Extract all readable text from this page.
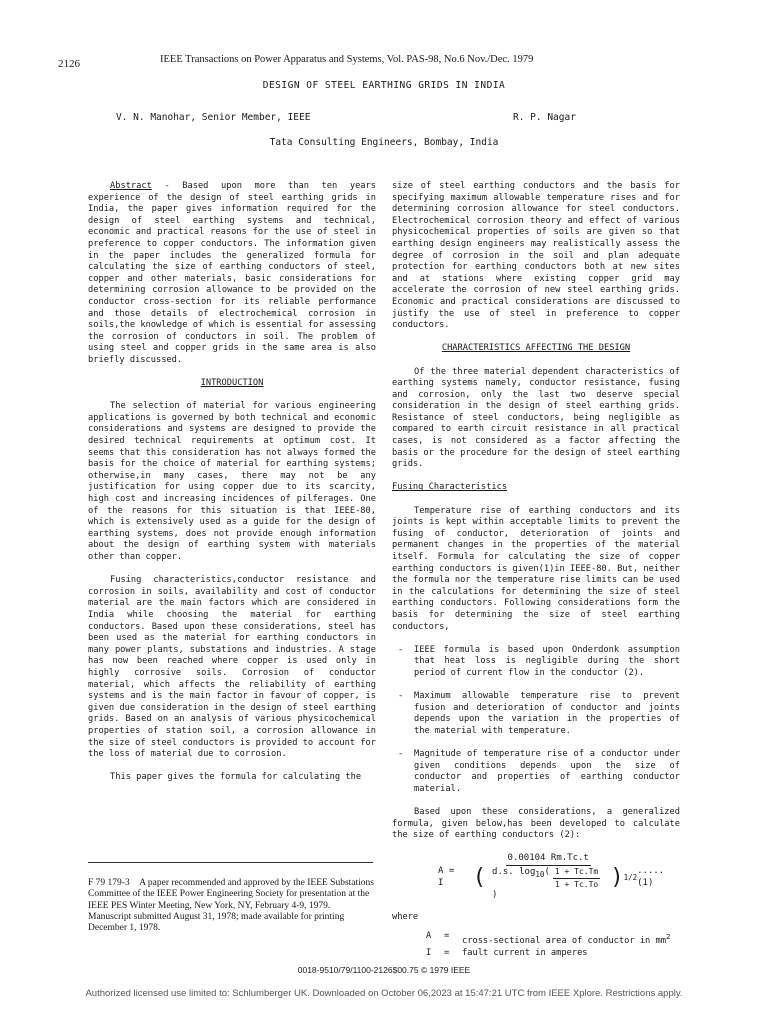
2126	IEEE Transactions on Power Apparatus and Systems, Vol. PAS-98, No.6 Nov./Dec. 1979
DESIGN OF STEEL EARTHING GRIDS IN INDIA
V. N. Manohar, Senior Member, IEEE	R. P. Nagar
Tata Consulting Engineers, Bombay, India

Abstract - Based upon more than ten years experience of the design of steel earthing grids in India, the paper gives information required for the design of steel earthing systems and technical, economic and practical reasons for the use of steel in preference to copper conductors. The information given in the paper includes the generalized formula for calculating the size of earthing conductors of steel, copper and other materials, basic considerations for determining corrosion allowance to be provided on the conductor cross-section for its reliable performance and those details of electrochemical corrosion in soils,the knowledge of which is essential for assessing the corrosion of conductors in soil. The problem of using steel and copper grids in the same area is also briefly discussed.

INTRODUCTION

The selection of material for various engineering applications is governed by both technical and economic considerations and systems are designed to provide the desired technical requirements at optimum cost. It seems that this consideration has not always formed the basis for the choice of material for earthing systems; otherwise,in many cases, there may not be any justification for using copper due to its scarcity, high cost and increasing incidences of pilferages. One of the reasons for this situation is that IEEE-80, which is extensively used as a guide for the design of earthing systems, does not provide enough information about the design of earthing system with materials other than copper.

Fusing characteristics,conductor resistance and corrosion in soils, availability and cost of conductor material are the main factors which are considered in India while choosing the material for earthing conductors. Based upon these considerations, steel has been used as the material for earthing conductors in many power plants, substations and industries. A stage has now been reached where copper is used only in highly corrosive soils. Corrosion of conductor material, which affects the reliability of earthing systems and is the main factor in favour of copper, is given due consideration in the design of steel earthing grids. Based on an analysis of various physicochemical properties of station soil, a corrosion allowance in the size of steel conductors is provided to account for the loss of material due to corrosion.

This paper gives the formula for calculating the

size of steel earthing conductors and the basis for specifying maximum allowable temperature rises and for determining corrosion allowance for steel conductors. Electrochemical corrosion theory and effect of various physicochemical properties of soils are given so that earthing design engineers may realistically assess the degree of corrosion in the soil and plan adequate protection for earthing conductors both at new sites and at stations where existing copper grid may accelerate the corrosion of new steel earthing grids. Economic and practical considerations are discussed to justify the use of steel in preference to copper conductors.

CHARACTERISTICS AFFECTING THE DESIGN

Of the three material dependent characteristics of earthing systems namely, conductor resistance, fusing and corrosion, only the last two deserve special consideration in the design of steel earthing grids. Resistance of steel conductors, being negligible as compared to earth circuit resistance in all practical cases, is not considered as a factor affecting the basis or the procedure for the design of steel earthing grids.

Fusing Characteristics

Temperature rise of earthing conductors and its joints is kept within acceptable limits to prevent the fusing of conductor, deterioration of joints and permanent changes in the properties of the material itself. Formula for calculating the size of copper earthing conductors is given(1)in IEEE-80. But, neither the formula nor the temperature rise limits can be used in the calculations for determining the size of steel earthing conductors. Following considerations form the basis for determining the size of steel earthing conductors,

-	IEEE formula is based upon Onderdonk assumption that heat loss is negligible during the short period of current flow in the conductor (2).
-	Maximum allowable temperature rise to prevent fusion and deterioration of conductor and joints depends upon the variation in the properties of the material with temperature.
-	Magnitude of temperature rise of a conductor under given conditions depends upon the size of conductor and properties of earthing conductor material.

Based upon these considerations, a generalized formula, given below,has been developed to calculate the size of earthing conductors (2):

A = I	( 0.00104 Rm.Tc.t
d.s. $\log_{10}( \frac{1 + Tc.Tm}{1 + Tc.To}$
) ) 1/2
.....(1)
where
A	=	cross-sectional area of conductor in $mm^2$
I	=	fault current in amperes

F 79 179-3 A paper recommended and approved by the IEEE Substations Committee of the IEEE Power Engineering Society for presentation at the IEEE PES Winter Meeting, New York, NY, February 4-9, 1979.

Manuscript submitted August 31, 1978; made available for printing December 1, 1978.

0018-9510/79/1100-2126$00.75 © 1979 IEEE
Authorized licensed use limited to: Schlumberger UK. Downloaded on October 06,2023 at 15:47:21 UTC from IEEE Xplore. Restrictions apply.
